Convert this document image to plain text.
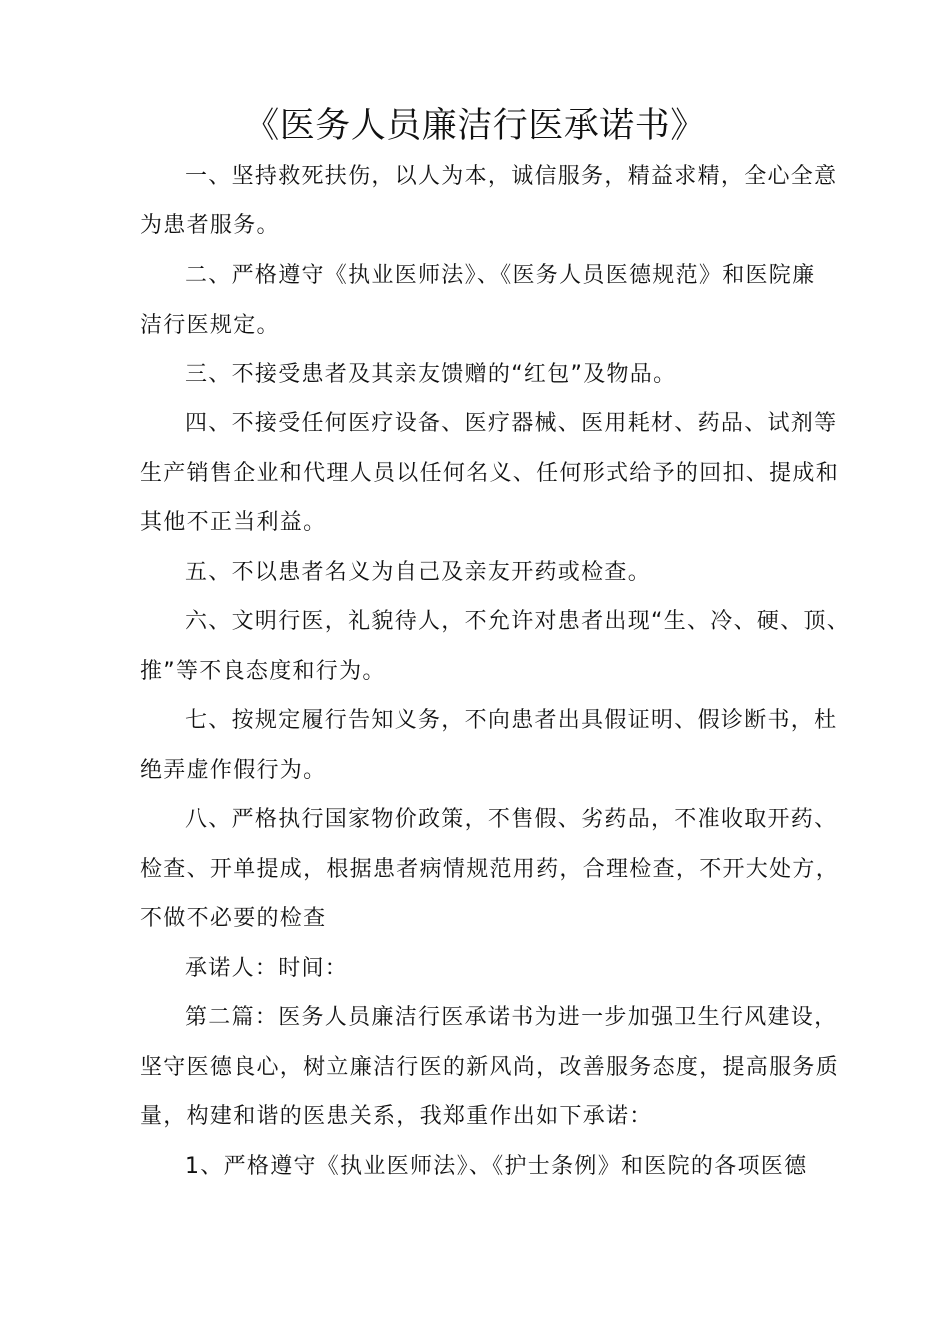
《医务人员廉洁行医承诺书》
一、坚持救死扶伤，以人为本，诚信服务，精益求精，全心全意
为患者服务。
二、严格遵守《执业医师法》、《医务人员医德规范》和医院廉
洁行医规定。
三、不接受患者及其亲友馈赠的“红包”及物品。
四、不接受任何医疗设备、医疗器械、医用耗材、药品、试剂等
生产销售企业和代理人员以任何名义、任何形式给予的回扣、提成和
其他不正当利益。
五、不以患者名义为自己及亲友开药或检查。
六、文明行医，礼貌待人，不允许对患者出现“生、冷、硬、顶、
推”等不良态度和行为。
七、按规定履行告知义务，不向患者出具假证明、假诊断书，杜
绝弄虚作假行为。
八、严格执行国家物价政策，不售假、劣药品，不准收取开药、
检查、开单提成，根据患者病情规范用药，合理检查，不开大处方，
不做不必要的检查
承诺人：时间：
第二篇：医务人员廉洁行医承诺书为进一步加强卫生行风建设，
坚守医德良心，树立廉洁行医的新风尚，改善服务态度，提高服务质
量，构建和谐的医患关系，我郑重作出如下承诺：
1、严格遵守《执业医师法》、《护士条例》和医院的各项医德
